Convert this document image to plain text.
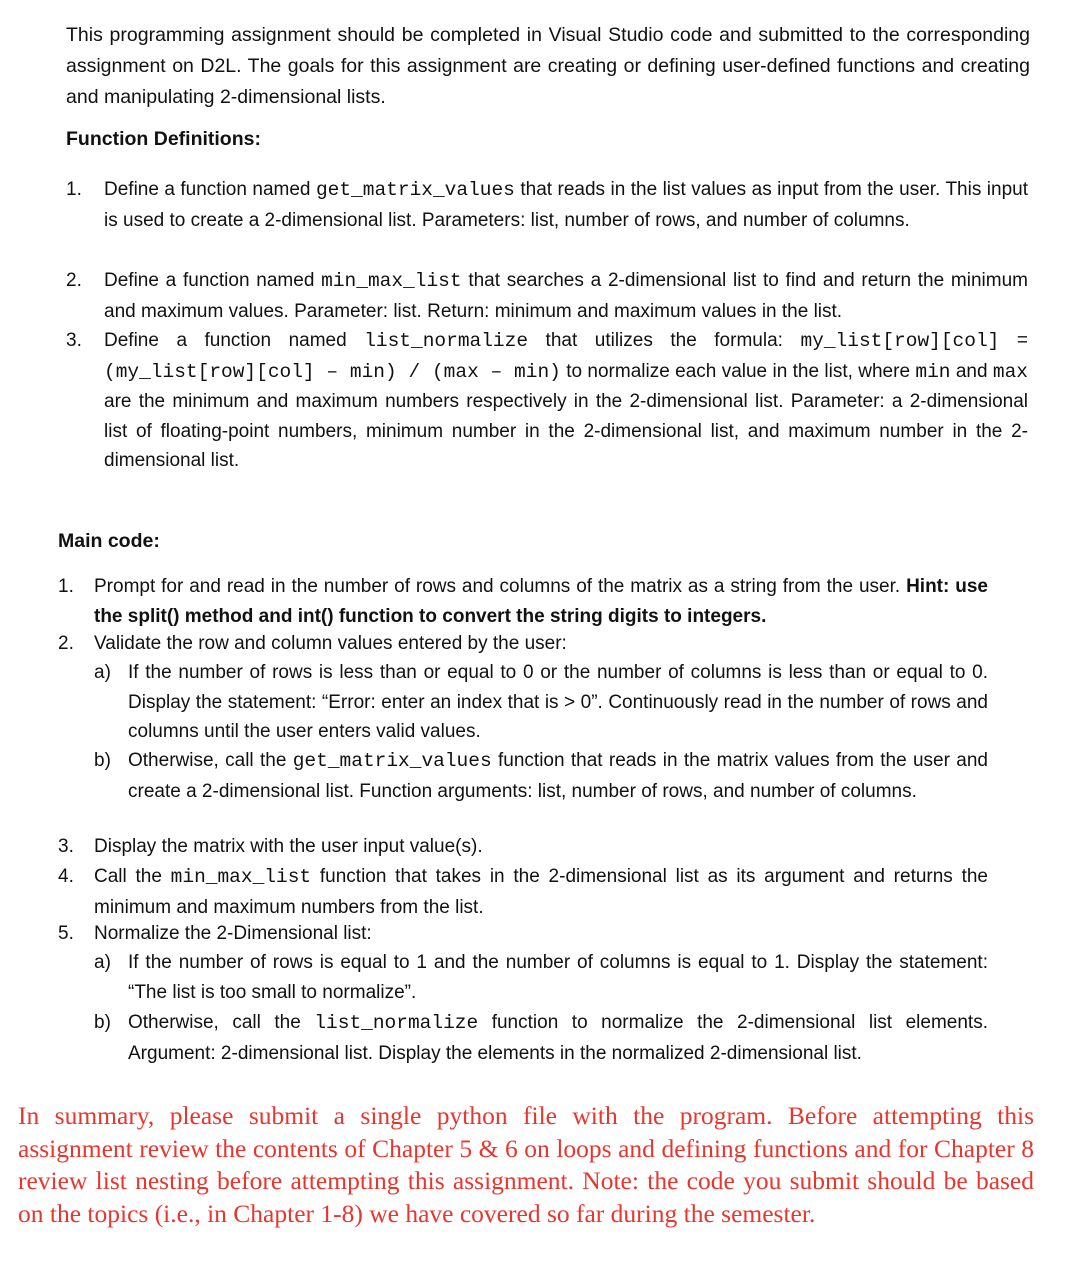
This programming assignment should be completed in Visual Studio code and submitted to the corresponding assignment on D2L. The goals for this assignment are creating or defining user-defined functions and creating and manipulating 2-dimensional lists.
Function Definitions:
1. Define a function named get_matrix_values that reads in the list values as input from the user. This input is used to create a 2-dimensional list. Parameters: list, number of rows, and number of columns.
2. Define a function named min_max_list that searches a 2-dimensional list to find and return the minimum and maximum values. Parameter: list. Return: minimum and maximum values in the list.
3. Define a function named list_normalize that utilizes the formula: my_list[row][col] = (my_list[row][col] – min) / (max – min) to normalize each value in the list, where min and max are the minimum and maximum numbers respectively in the 2-dimensional list. Parameter: a 2-dimensional list of floating-point numbers, minimum number in the 2-dimensional list, and maximum number in the 2-dimensional list.
Main code:
1. Prompt for and read in the number of rows and columns of the matrix as a string from the user. Hint: use the split() method and int() function to convert the string digits to integers.
2. Validate the row and column values entered by the user:
a) If the number of rows is less than or equal to 0 or the number of columns is less than or equal to 0. Display the statement: “Error: enter an index that is > 0”. Continuously read in the number of rows and columns until the user enters valid values.
b) Otherwise, call the get_matrix_values function that reads in the matrix values from the user and create a 2-dimensional list. Function arguments: list, number of rows, and number of columns.
3. Display the matrix with the user input value(s).
4. Call the min_max_list function that takes in the 2-dimensional list as its argument and returns the minimum and maximum numbers from the list.
5. Normalize the 2-Dimensional list:
a) If the number of rows is equal to 1 and the number of columns is equal to 1. Display the statement: “The list is too small to normalize”.
b) Otherwise, call the list_normalize function to normalize the 2-dimensional list elements. Argument: 2-dimensional list. Display the elements in the normalized 2-dimensional list.
In summary, please submit a single python file with the program. Before attempting this assignment review the contents of Chapter 5 & 6 on loops and defining functions and for Chapter 8 review list nesting before attempting this assignment. Note: the code you submit should be based on the topics (i.e., in Chapter 1-8) we have covered so far during the semester.
